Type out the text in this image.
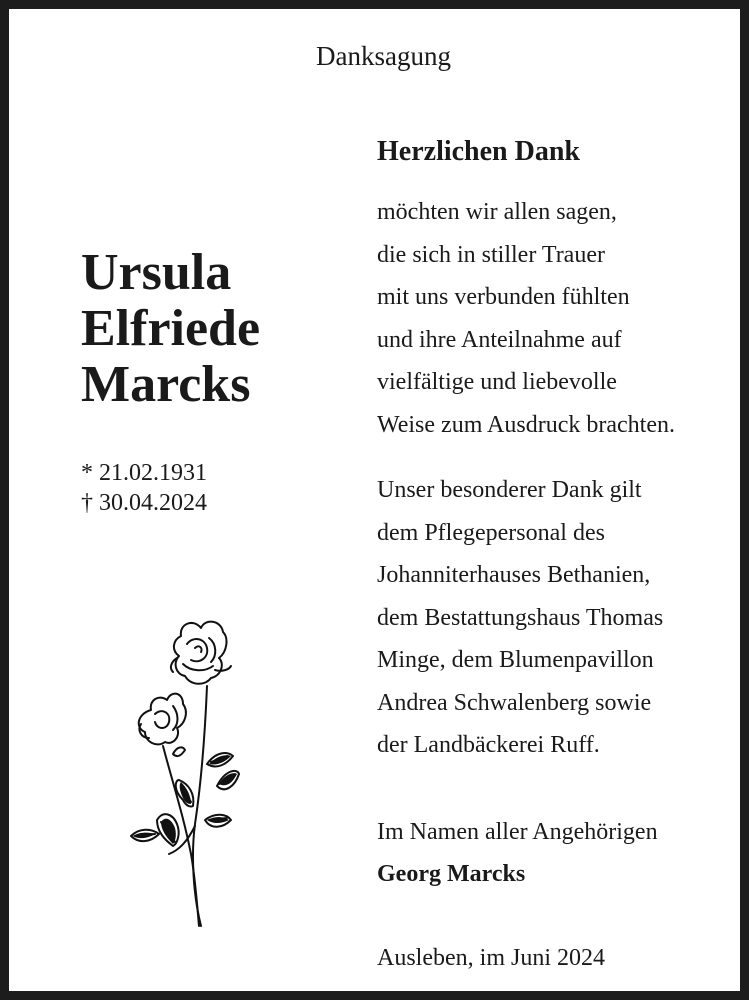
Danksagung
Ursula
Elfriede
Marcks
* 21.02.1931
† 30.04.2024
Herzlichen Dank
möchten wir allen sagen,
die sich in stiller Trauer
mit uns verbunden fühlten
und ihre Anteilnahme auf
vielfältige und liebevolle
Weise zum Ausdruck brachten.
Unser besonderer Dank gilt
dem Pflegepersonal des
Johanniterhauses Bethanien,
dem Bestattungshaus Thomas
Minge, dem Blumenpavillon
Andrea Schwalenberg sowie
der Landbäckerei Ruff.
Im Namen aller Angehörigen
Georg Marcks
Ausleben, im Juni 2024
